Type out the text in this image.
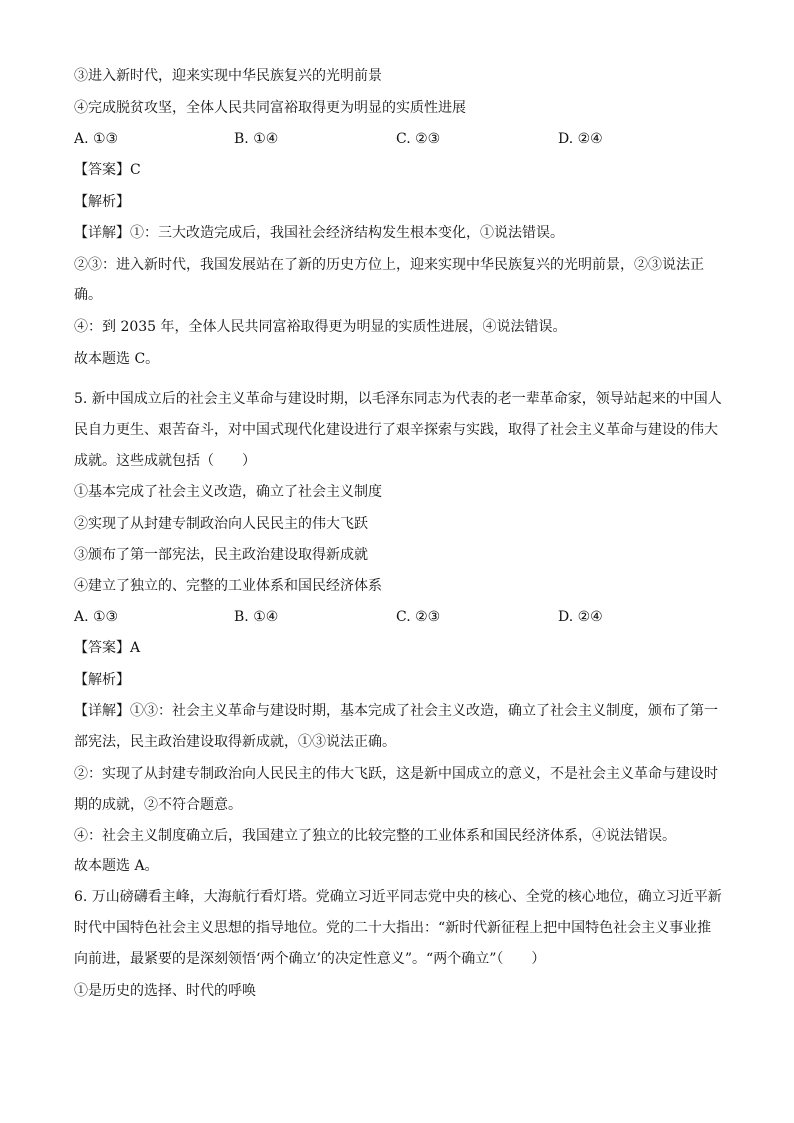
③进入新时代，迎来实现中华民族复兴的光明前景
④完成脱贫攻坚，全体人民共同富裕取得更为明显的实质性进展
A. ①③	B. ①④	C. ②③	D. ②④
【答案】C
【解析】
【详解】①：三大改造完成后，我国社会经济结构发生根本变化，①说法错误。
②③：进入新时代，我国发展站在了新的历史方位上，迎来实现中华民族复兴的光明前景，②③说法正
确。
④：到 2035 年，全体人民共同富裕取得更为明显的实质性进展，④说法错误。
故本题选 C。
5. 新中国成立后的社会主义革命与建设时期，以毛泽东同志为代表的老一辈革命家，领导站起来的中国人
民自力更生、艰苦奋斗，对中国式现代化建设进行了艰辛探索与实践，取得了社会主义革命与建设的伟大
成就。这些成就包括（　　）
①基本完成了社会主义改造，确立了社会主义制度
②实现了从封建专制政治向人民民主的伟大飞跃
③颁布了第一部宪法，民主政治建设取得新成就
④建立了独立的、完整的工业体系和国民经济体系
A. ①③	B. ①④	C. ②③	D. ②④
【答案】A
【解析】
【详解】①③：社会主义革命与建设时期，基本完成了社会主义改造，确立了社会主义制度，颁布了第一
部宪法，民主政治建设取得新成就，①③说法正确。
②：实现了从封建专制政治向人民民主的伟大飞跃，这是新中国成立的意义，不是社会主义革命与建设时
期的成就，②不符合题意。
④：社会主义制度确立后，我国建立了独立的比较完整的工业体系和国民经济体系，④说法错误。
故本题选 A。
6. 万山磅礴看主峰，大海航行看灯塔。党确立习近平同志党中央的核心、全党的核心地位，确立习近平新
时代中国特色社会主义思想的指导地位。党的二十大指出：“新时代新征程上把中国特色社会主义事业推
向前进，最紧要的是深刻领悟‘两个确立’的决定性意义”。“两个确立”（　　）
①是历史的选择、时代的呼唤
